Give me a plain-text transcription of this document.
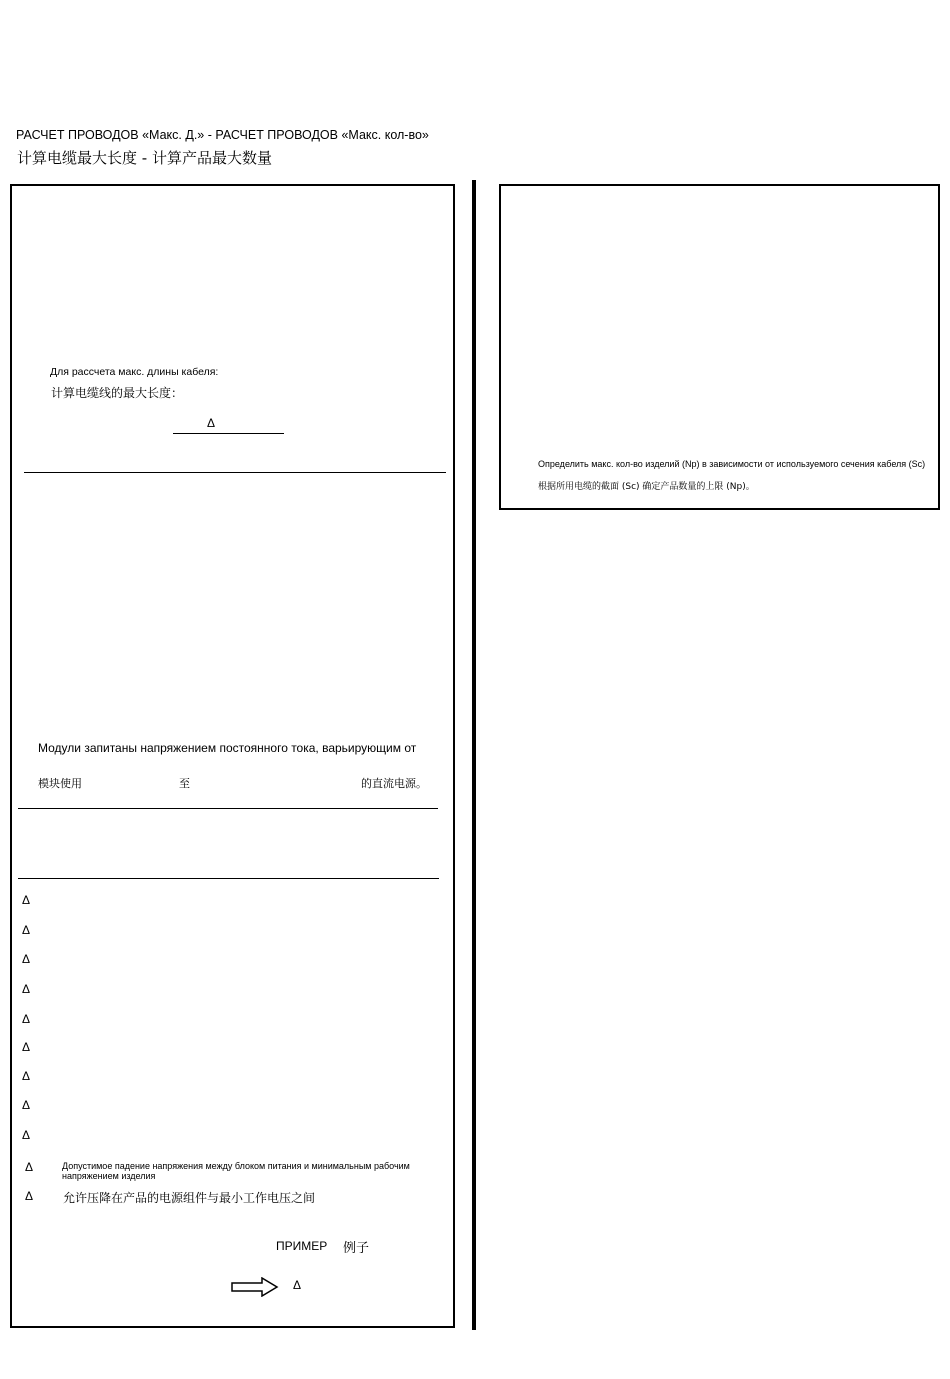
РАСЧЕТ ПРОВОДОВ «Макс. Д.» - РАСЧЕТ ПРОВОДОВ «Макс. кол-во»
计算电缆最大长度 - 计算产品最大数量
Для рассчета макс. длины кабеля:
计算电缆线的最大长度：
Δ
Модули запитаны напряжением постоянного тока, варьирующим от
模块使用	至	的直流电源。
Δ
Δ
Δ
Δ
Δ
Δ
Δ
Δ
Δ
Δ	Допустимое падение напряжения между блоком питания и минимальным рабочим напряжением изделия
Δ 允许压降在产品的电源组件与最小工作电压之间
ПРИМЕР 例子
Δ
Определить макс. кол-во изделий (Np) в зависимости от используемого сечения кабеля (Sc)
根据所用电缆的截面 (Sc) 确定产品数量的上限 (Np)。
